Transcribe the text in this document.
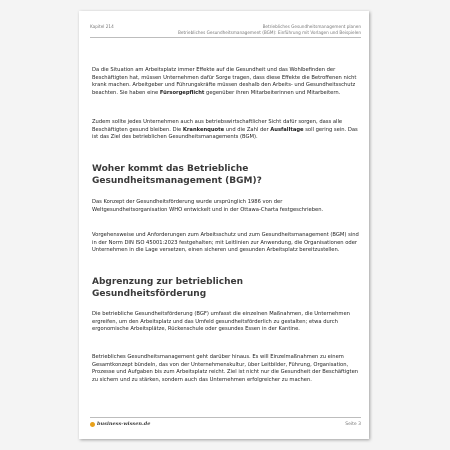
Kapitel 214	Betriebliches Gesundheitsmanagement planen
Betriebliches Gesundheitsmanagement (BGM): Einführung mit Vorlagen und Beispielen

Da die Situation am Arbeitsplatz immer Effekte auf die Gesundheit und das Wohlbefinden der Beschäftigten hat, müssen Unternehmen dafür Sorge tragen, dass diese Effekte die Betroffenen nicht krank machen. Arbeitgeber und Führungskräfte müssen deshalb den Arbeits- und Gesundheitsschutz beachten. Sie haben eine Fürsorgepflicht gegenüber ihren Mitarbeiterinnen und Mitarbeitern.

Zudem sollte jedes Unternehmen auch aus betriebswirtschaftlicher Sicht dafür sorgen, dass alle Beschäftigten gesund bleiben. Die Krankenquote und die Zahl der Ausfalltage soll gering sein. Das ist das Ziel des betrieblichen Gesundheitsmanagements (BGM).

Woher kommt das Betriebliche Gesundheitsmanagement (BGM)?

Das Konzept der Gesundheitsförderung wurde ursprünglich 1986 von der Weltgesundheitsorganisation WHO entwickelt und in der Ottawa-Charta festgeschrieben.

Vorgehensweise und Anforderungen zum Arbeitsschutz und zum Gesundheitsmanagement (BGM) sind in der Norm DIN ISO 45001:2023 festgehalten; mit Leitlinien zur Anwendung, die Organisationen oder Unternehmen in die Lage versetzen, einen sicheren und gesunden Arbeitsplatz bereitzustellen.

Abgrenzung zur betrieblichen Gesundheitsförderung

Die betriebliche Gesundheitsförderung (BGF) umfasst die einzelnen Maßnahmen, die Unternehmen ergreifen, um den Arbeitsplatz und das Umfeld gesundheitsförderlich zu gestalten; etwa durch ergonomische Arbeitsplätze, Rückenschule oder gesundes Essen in der Kantine.

Betriebliches Gesundheitsmanagement geht darüber hinaus. Es will Einzelmaßnahmen zu einem Gesamtkonzept bündeln, das von der Unternehmenskultur, über Leitbilder, Führung, Organisation, Prozesse und Aufgaben bis zum Arbeitsplatz reicht. Ziel ist nicht nur die Gesundheit der Beschäftigten zu sichern und zu stärken, sondern auch das Unternehmen erfolgreicher zu machen.

business-wissen.de	Seite 3
